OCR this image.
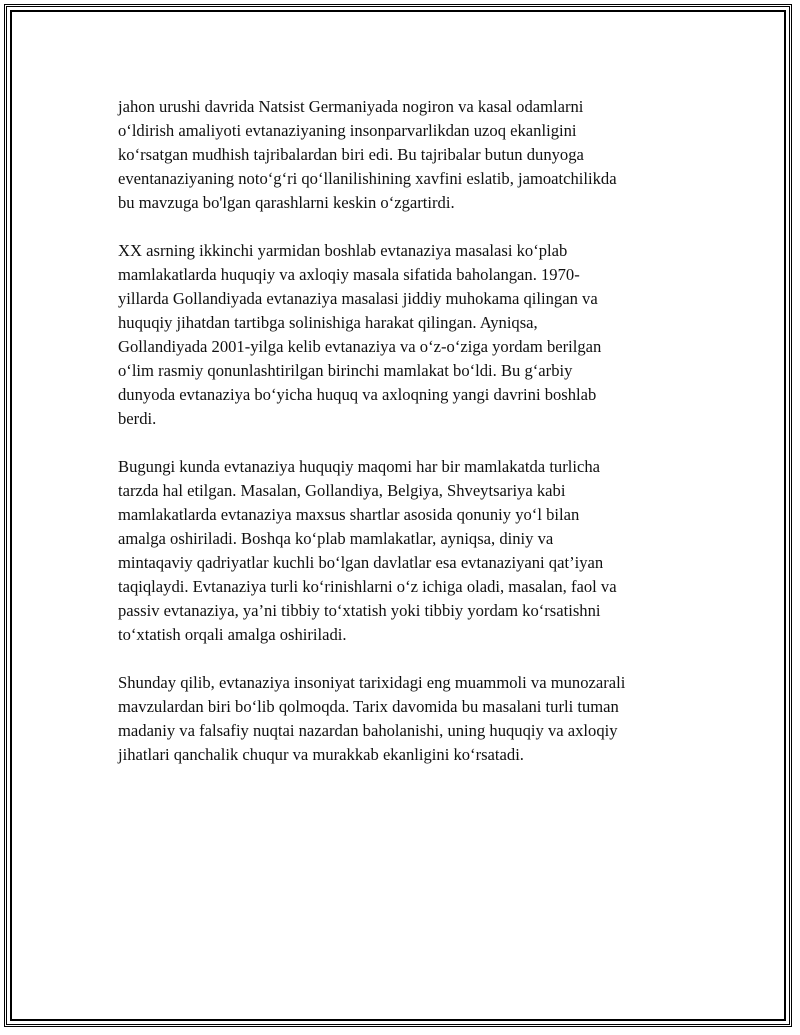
jahon urushi davrida Natsist Germaniyada nogiron va kasal odamlarni
o‘ldirish amaliyoti evtanaziyaning insonparvarlikdan uzoq ekanligini
ko‘rsatgan mudhish tajribalardan biri edi. Bu tajribalar butun dunyoga
eventanaziyaning noto‘g‘ri qo‘llanilishining xavfini eslatib, jamoatchilikda
bu mavzuga bo'lgan qarashlarni keskin o‘zgartirdi.

XX asrning ikkinchi yarmidan boshlab evtanaziya masalasi ko‘plab
mamlakatlarda huquqiy va axloqiy masala sifatida baholangan. 1970-
yillarda Gollandiyada evtanaziya masalasi jiddiy muhokama qilingan va
huquqiy jihatdan tartibga solinishiga harakat qilingan. Ayniqsa,
Gollandiyada 2001-yilga kelib evtanaziya va o‘z-o‘ziga yordam berilgan
o‘lim rasmiy qonunlashtirilgan birinchi mamlakat bo‘ldi. Bu g‘arbiy
dunyoda evtanaziya bo‘yicha huquq va axloqning yangi davrini boshlab
berdi.

Bugungi kunda evtanaziya huquqiy maqomi har bir mamlakatda turlicha
tarzda hal etilgan. Masalan, Gollandiya, Belgiya, Shveytsariya kabi
mamlakatlarda evtanaziya maxsus shartlar asosida qonuniy yo‘l bilan
amalga oshiriladi. Boshqa ko‘plab mamlakatlar, ayniqsa, diniy va
mintaqaviy qadriyatlar kuchli bo‘lgan davlatlar esa evtanaziyani qat’iyan
taqiqlaydi. Evtanaziya turli ko‘rinishlarni o‘z ichiga oladi, masalan, faol va
passiv evtanaziya, ya’ni tibbiy to‘xtatish yoki tibbiy yordam ko‘rsatishni
to‘xtatish orqali amalga oshiriladi.

Shunday qilib, evtanaziya insoniyat tarixidagi eng muammoli va munozarali
mavzulardan biri bo‘lib qolmoqda. Tarix davomida bu masalani turli tuman
madaniy va falsafiy nuqtai nazardan baholanishi, uning huquqiy va axloqiy
jihatlari qanchalik chuqur va murakkab ekanligini ko‘rsatadi.
